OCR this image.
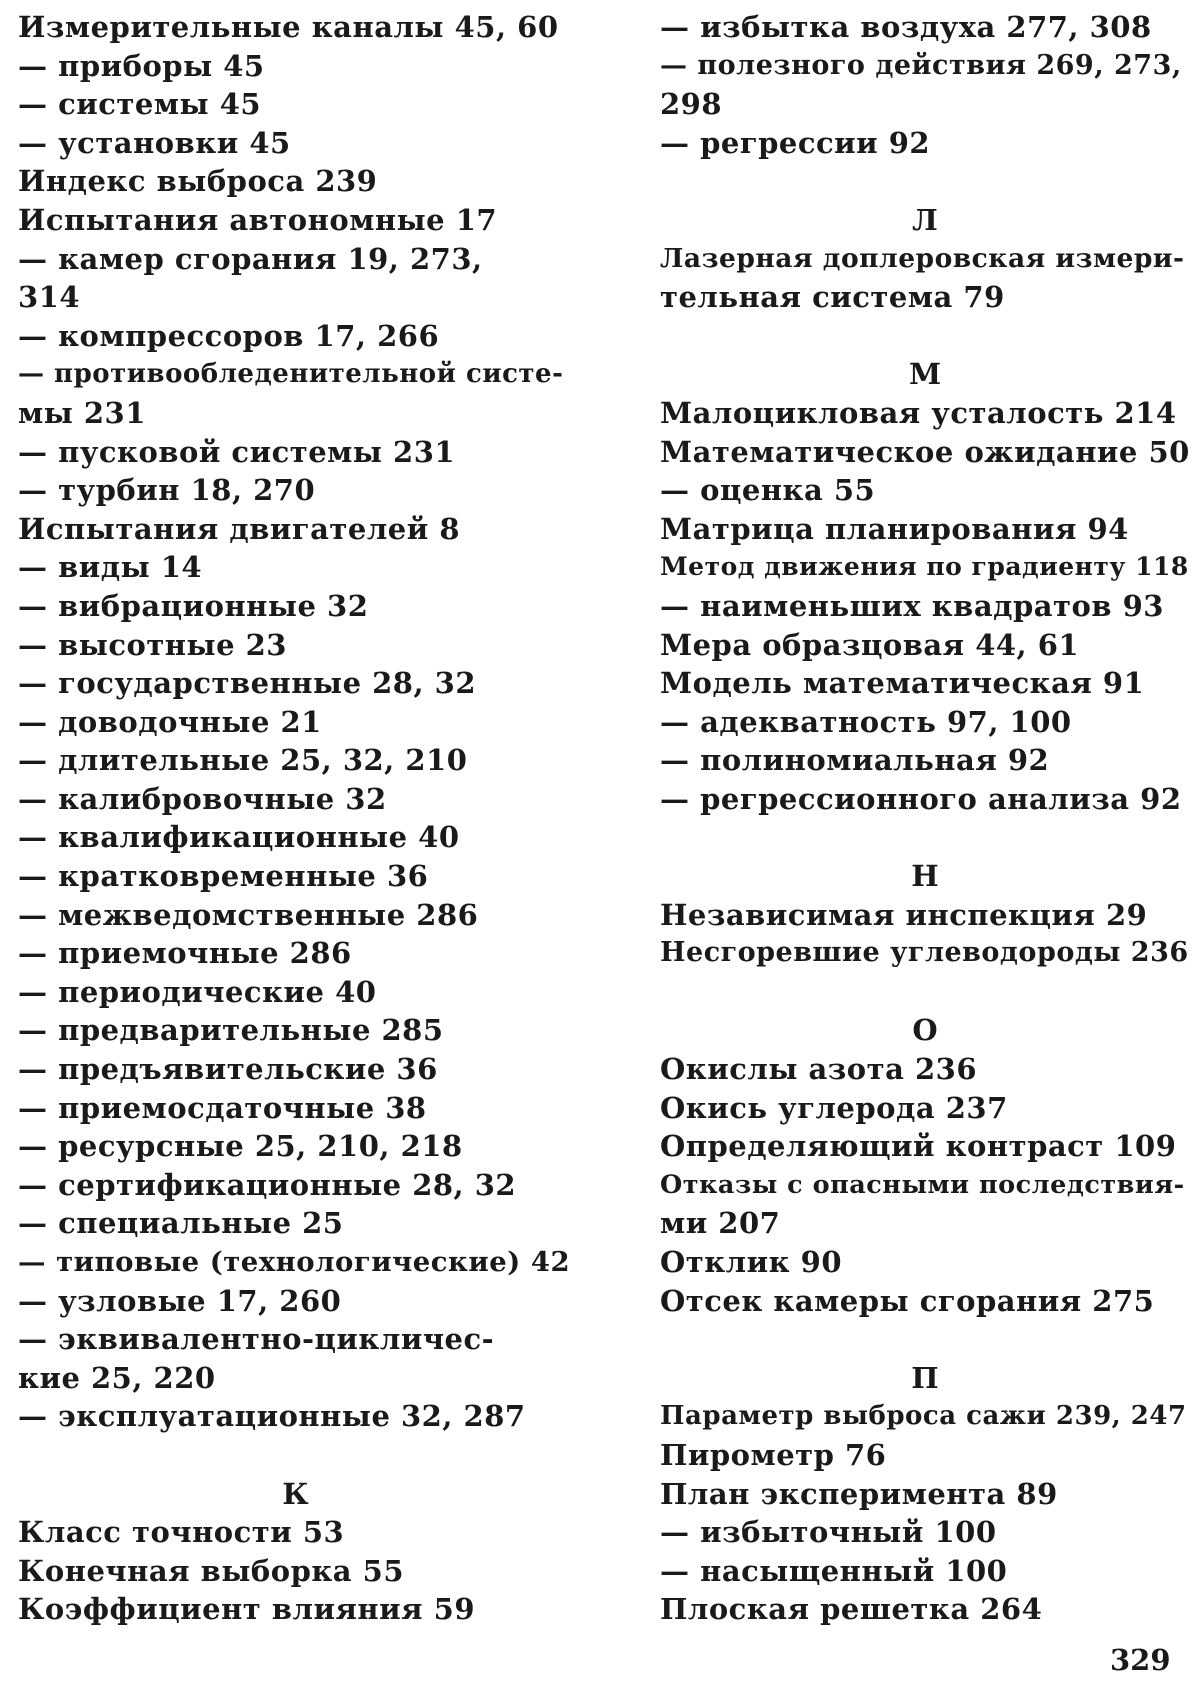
Измерительные каналы 45, 60
— приборы 45
— системы 45
— установки 45
Индекс выброса 239
Испытания автономные 17
— камер сгорания 19, 273,
314
— компрессоров 17, 266
— противообледенительной систе-
мы 231
— пусковой системы 231
— турбин 18, 270
Испытания двигателей 8
— виды 14
— вибрационные 32
— высотные 23
— государственные 28, 32
— доводочные 21
— длительные 25, 32, 210
— калибровочные 32
— квалификационные 40
— кратковременные 36
— межведомственные 286
— приемочные 286
— периодические 40
— предварительные 285
— предъявительские 36
— приемосдаточные 38
— ресурсные 25, 210, 218
— сертификационные 28, 32
— специальные 25
— типовые (технологические) 42
— узловые 17, 260
— эквивалентно-цикличес-
кие 25, 220
— эксплуатационные 32, 287
К
Класс точности 53
Конечная выборка 55
Коэффициент влияния 59
— избытка воздуха 277, 308
— полезного действия 269, 273,
298
— регрессии 92
Л
Лазерная доплеровская измери-
тельная система 79
М
Малоцикловая усталость 214
Математическое ожидание 50
— оценка 55
Матрица планирования 94
Метод движения по градиенту 118
— наименьших квадратов 93
Мера образцовая 44, 61
Модель математическая 91
— адекватность 97, 100
— полиномиальная 92
— регрессионного анализа 92
Н
Независимая инспекция 29
Несгоревшие углеводороды 236
О
Окислы азота 236
Окись углерода 237
Определяющий контраст 109
Отказы с опасными последствия-
ми 207
Отклик 90
Отсек камеры сгорания 275
П
Параметр выброса сажи 239, 247
Пирометр 76
План эксперимента 89
— избыточный 100
— насыщенный 100
Плоская решетка 264
329
